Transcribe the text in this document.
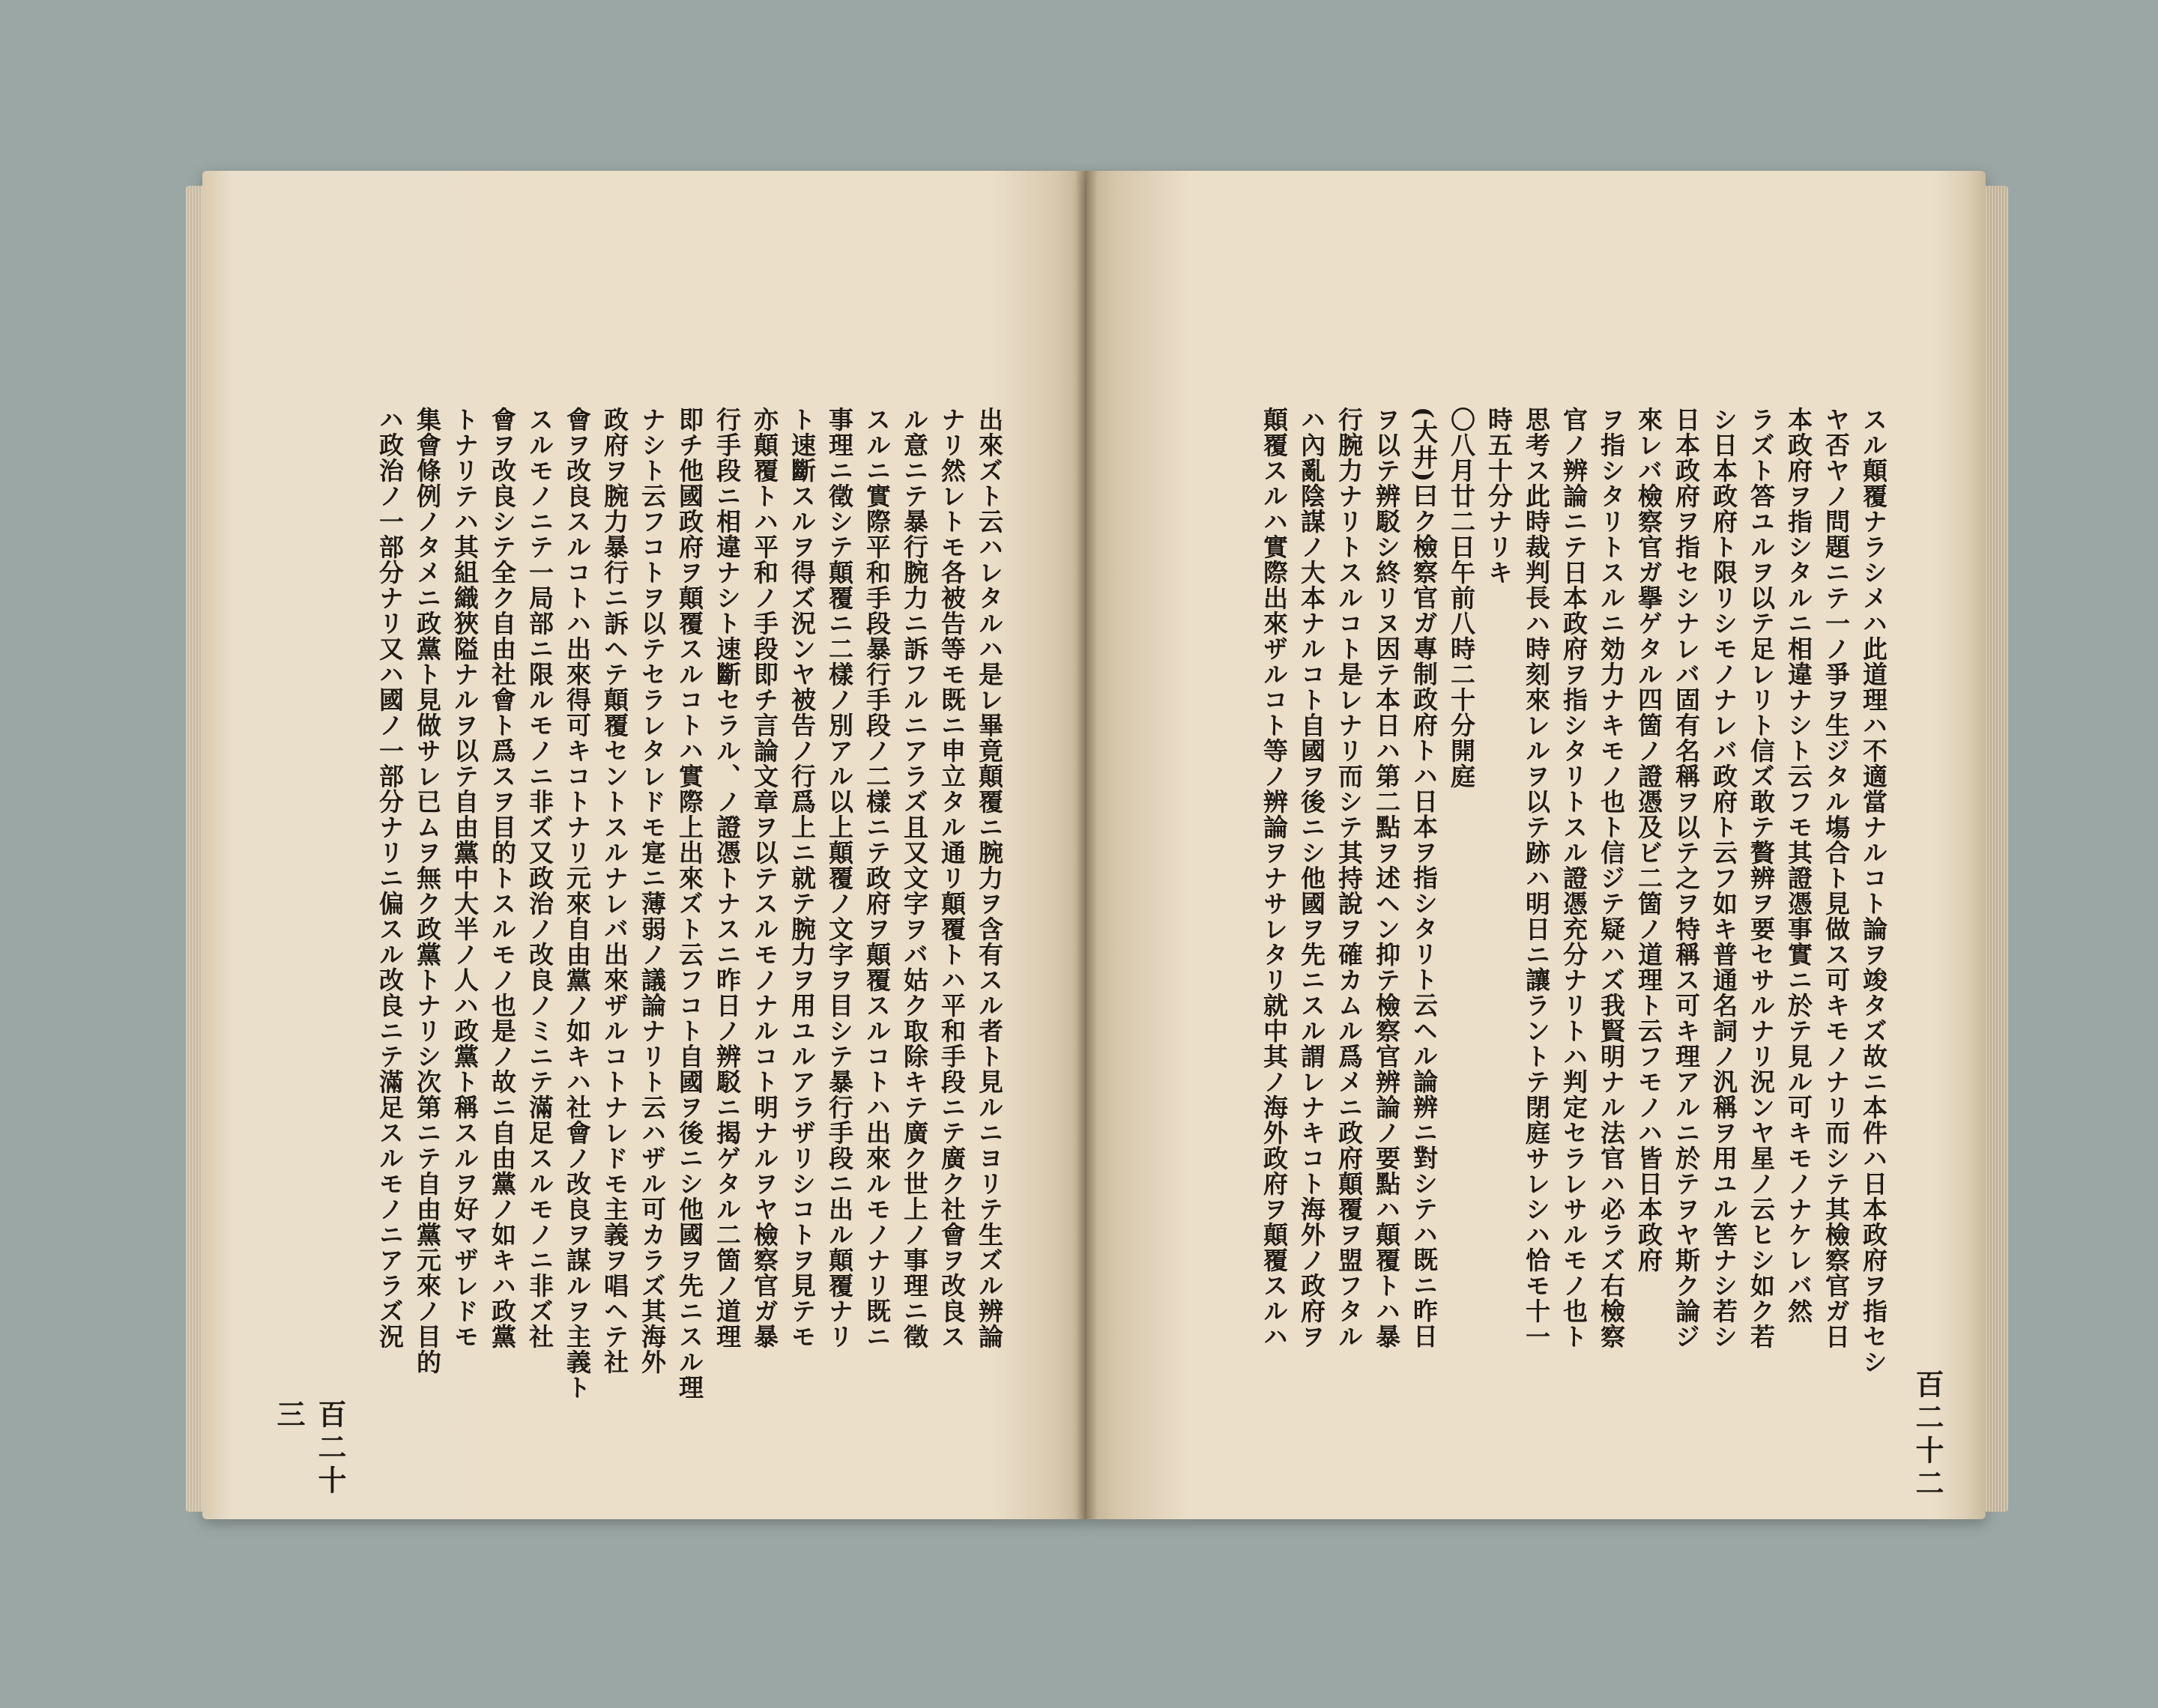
出來ズト云ハレタルハ是レ畢竟顛覆ニ腕力ヲ含有スル者ト見ルニヨリテ生ズル辨論
ナリ然レトモ各被告等モ既ニ申立タル通リ顛覆トハ平和手段ニテ廣ク社會ヲ改良ス
ル意ニテ暴行腕力ニ訴フルニアラズ且又文字ヲバ姑ク取除キテ廣ク世上ノ事理ニ徵
スルニ實際平和手段暴行手段ノ二樣ニテ政府ヲ顛覆スルコトハ出來ルモノナリ既ニ
事理ニ徵シテ顛覆ニ二樣ノ別アル以上顛覆ノ文字ヲ目シテ暴行手段ニ出ル顛覆ナリ
ト速斷スルヲ得ズ況ンヤ被告ノ行爲上ニ就テ腕力ヲ用ユルアラザリシコトヲ見テモ
亦顛覆トハ平和ノ手段即チ言論文章ヲ以テスルモノナルコト明ナルヲヤ檢察官ガ暴
行手段ニ相違ナシト速斷セラル、ノ證憑トナスニ昨日ノ辨駁ニ揭ゲタル二箇ノ道理
即チ他國政府ヲ顛覆スルコトハ實際上出來ズト云フコト自國ヲ後ニシ他國ヲ先ニスル理
ナシト云フコトヲ以テセラレタレドモ寔ニ薄弱ノ議論ナリト云ハザル可カラズ其海外
政府ヲ腕力暴行ニ訴ヘテ顛覆セントスルナレバ出來ザルコトナレドモ主義ヲ唱ヘテ社
會ヲ改良スルコトハ出來得可キコトナリ元來自由黨ノ如キハ社會ノ改良ヲ謀ルヲ主義ト
スルモノニテ一局部ニ限ルモノニ非ズ又政治ノ改良ノミニテ滿足スルモノニ非ズ社
會ヲ改良シテ全ク自由社會ト爲スヲ目的トスルモノ也是ノ故ニ自由黨ノ如キハ政黨
トナリテハ其組織狹隘ナルヲ以テ自由黨中大半ノ人ハ政黨ト稱スルヲ好マザレドモ
集會條例ノタメニ政黨ト見做サレ已ムヲ無ク政黨トナリシ次第ニテ自由黨元來ノ目的
ハ政治ノ一部分ナリ又ハ國ノ一部分ナリニ偏スル改良ニテ滿足スルモノニアラズ況
百二十三
スル顛覆ナラシメハ此道理ハ不適當ナルコト論ヲ竣タズ故ニ本件ハ日本政府ヲ指セシ
ヤ否ヤノ問題ニテ一ノ爭ヲ生ジタル塲合ト見做ス可キモノナリ而シテ其檢察官ガ日
本政府ヲ指シタルニ相違ナシト云フモ其證憑事實ニ於テ見ル可キモノナケレバ然
ラズト答ユルヲ以テ足レリト信ズ敢テ贅辨ヲ要セサルナリ況ンヤ星ノ云ヒシ如ク若
シ日本政府ト限リシモノナレバ政府ト云フ如キ普通名詞ノ汎稱ヲ用ユル筈ナシ若シ
日本政府ヲ指セシナレバ固有名稱ヲ以テ之ヲ特稱ス可キ理アルニ於テヲヤ斯ク論ジ
來レバ檢察官ガ擧ゲタル四箇ノ證憑及ビ二箇ノ道理ト云フモノハ皆日本政府
ヲ指シタリトスルニ効力ナキモノ也ト信ジテ疑ハズ我賢明ナル法官ハ必ラズ右檢察
官ノ辨論ニテ日本政府ヲ指シタリトスル證憑充分ナリトハ判定セラレサルモノ也ト
思考ス此時裁判長ハ時刻來レルヲ以テ跡ハ明日ニ讓ラントテ閉庭サレシハ恰モ十一
時五十分ナリキ
〇八月廿二日午前八時二十分開庭
(大井)曰ク檢察官ガ專制政府トハ日本ヲ指シタリト云ヘル論辨ニ對シテハ既ニ昨日
ヲ以テ辨駁シ終リヌ因テ本日ハ第二點ヲ述ヘン抑テ檢察官辨論ノ要點ハ顛覆トハ暴
行腕力ナリトスルコト是レナリ而シテ其持說ヲ確カムル爲メニ政府顛覆ヲ盟フタル
ハ內亂陰謀ノ大本ナルコト自國ヲ後ニシ他國ヲ先ニスル謂レナキコト海外ノ政府ヲ
顛覆スルハ實際出來ザルコト等ノ辨論ヲナサレタリ就中其ノ海外政府ヲ顛覆スルハ
百二十二
